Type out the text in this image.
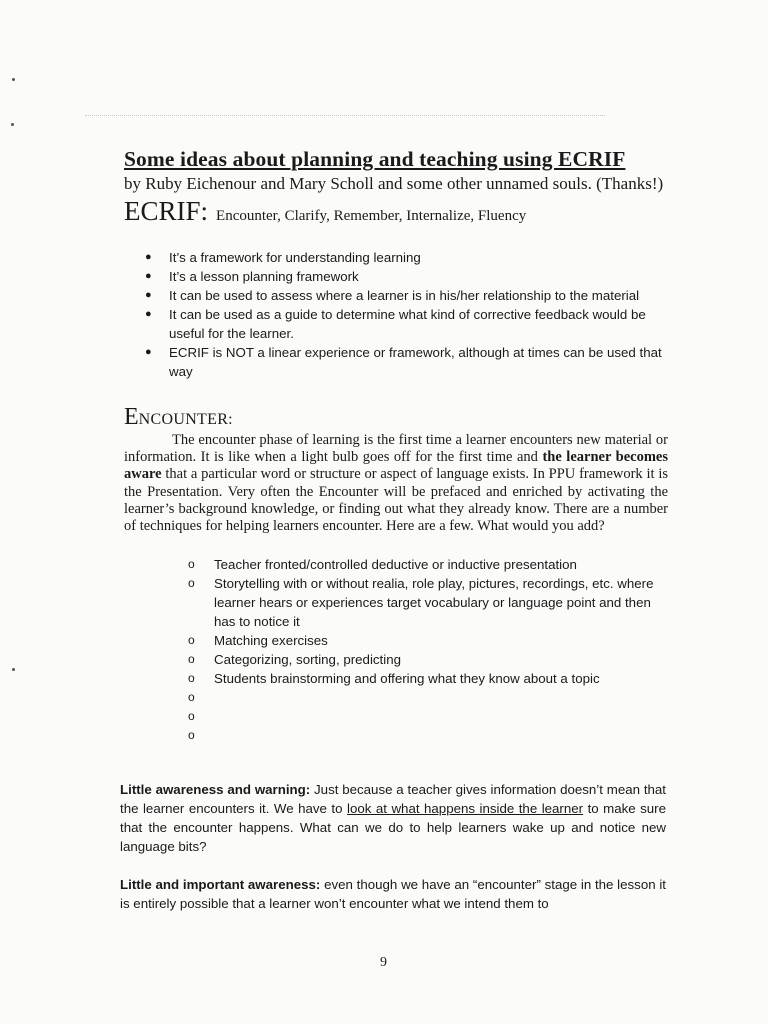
Some ideas about planning and teaching using ECRIF

by Ruby Eichenour and Mary Scholl and some other unnamed souls. (Thanks!)

ECRIF: Encounter, Clarify, Remember, Internalize, Fluency
● It’s a framework for understanding learning
● It’s a lesson planning framework
● It can be used to assess where a learner is in his/her relationship to the material
● It can be used as a guide to determine what kind of corrective feedback would be useful for the learner.
● ECRIF is NOT a linear experience or framework, although at times can be used that way
ENCOUNTER:

The encounter phase of learning is the first time a learner encounters new material or information. It is like when a light bulb goes off for the first time and the learner becomes aware that a particular word or structure or aspect of language exists. In PPU framework it is the Presentation. Very often the Encounter will be prefaced and enriched by activating the learner’s background knowledge, or finding out what they already know. There are a number of techniques for helping learners encounter. Here are a few. What would you add?

o Teacher fronted/controlled deductive or inductive presentation
o Storytelling with or without realia, role play, pictures, recordings, etc. where learner hears or experiences target vocabulary or language point and then has to notice it
o Matching exercises
o Categorizing, sorting, predicting
o Students brainstorming and offering what they know about a topic
o
o
o

Little awareness and warning: Just because a teacher gives information doesn’t mean that the learner encounters it. We have to look at what happens inside the learner to make sure that the encounter happens. What can we do to help learners wake up and notice new language bits?

Little and important awareness: even though we have an “encounter” stage in the lesson it is entirely possible that a learner won’t encounter what we intend them to

9
